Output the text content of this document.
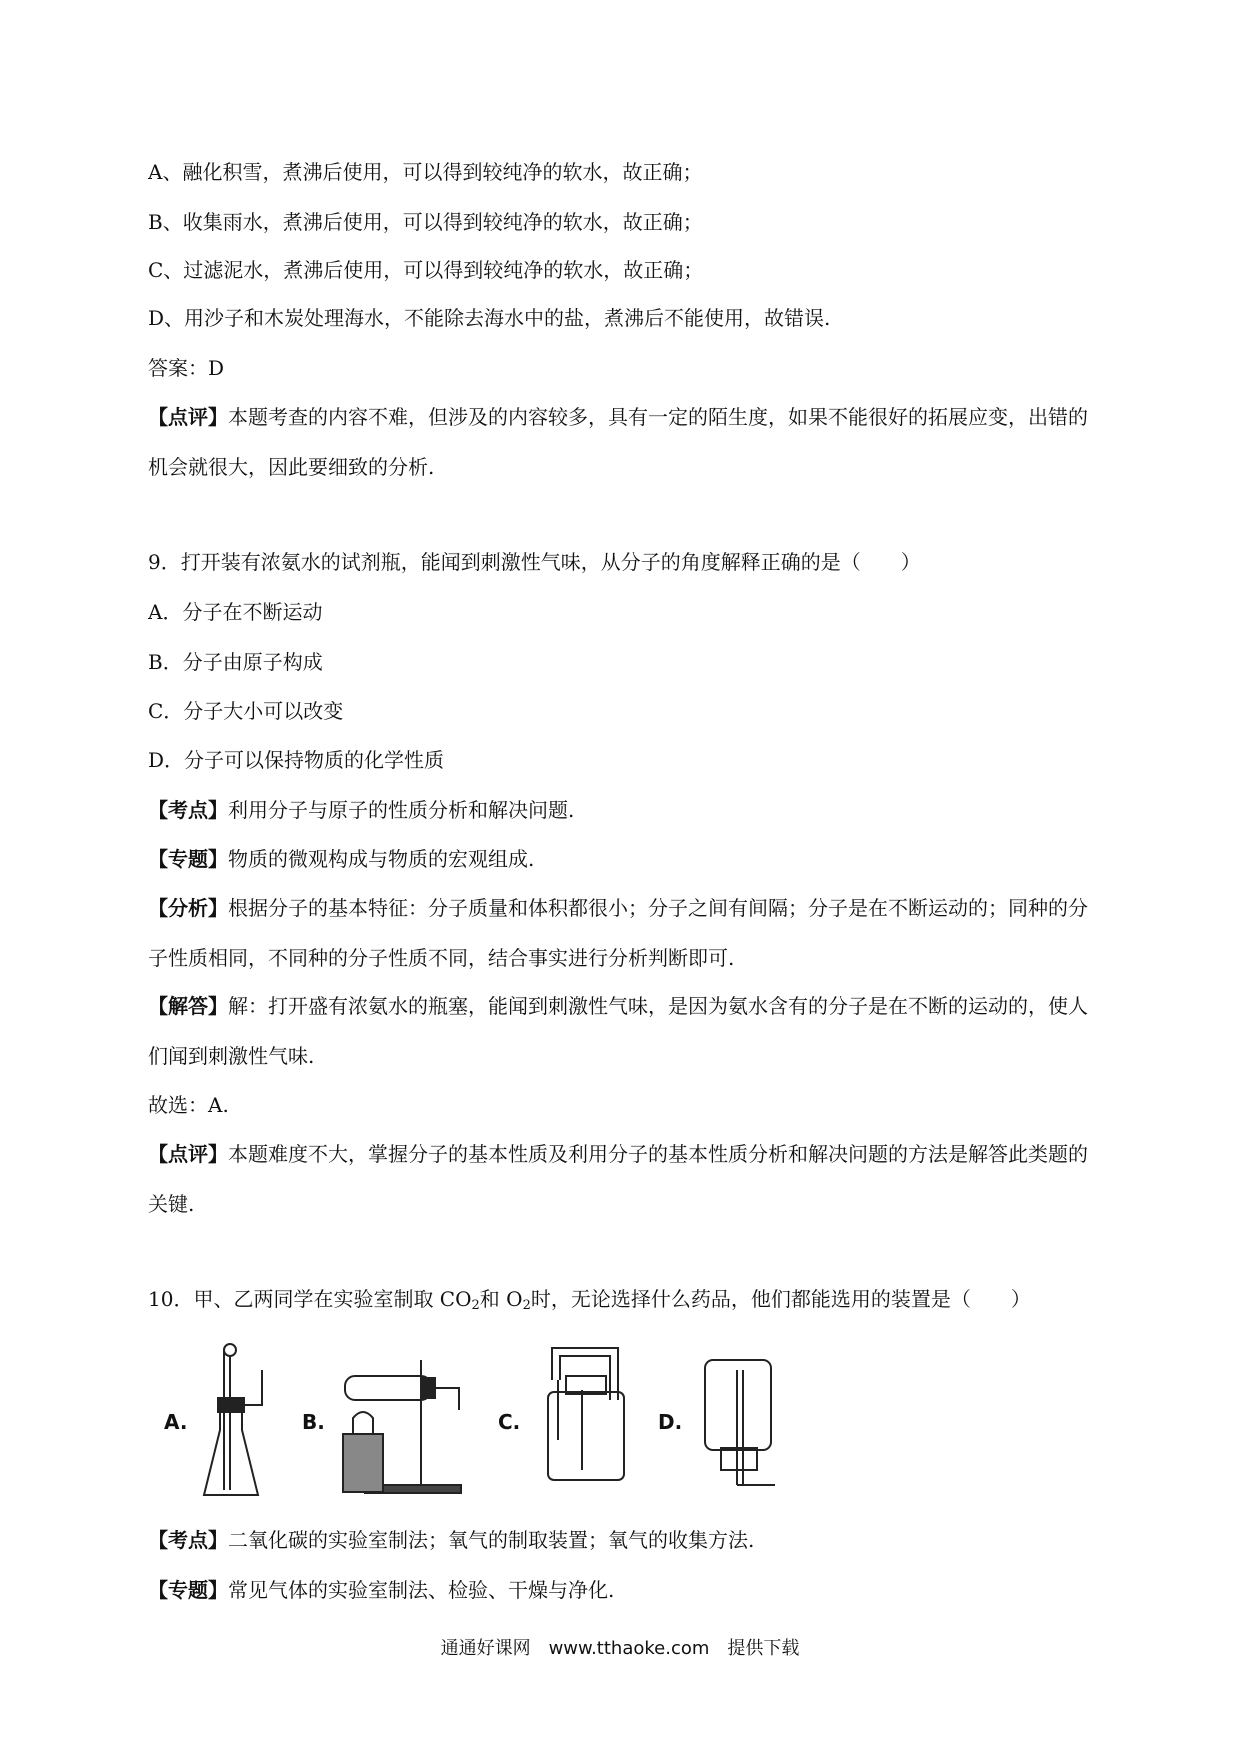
A、融化积雪，煮沸后使用，可以得到较纯净的软水，故正确；
B、收集雨水，煮沸后使用，可以得到较纯净的软水，故正确；
C、过滤泥水，煮沸后使用，可以得到较纯净的软水，故正确；
D、用沙子和木炭处理海水，不能除去海水中的盐，煮沸后不能使用，故错误.
答案：D
【点评】本题考查的内容不难，但涉及的内容较多，具有一定的陌生度，如果不能很好的拓展应变，出错的机会就很大，因此要细致的分析.
9．打开装有浓氨水的试剂瓶，能闻到刺激性气味，从分子的角度解释正确的是（　　）
A．分子在不断运动
B．分子由原子构成
C．分子大小可以改变
D．分子可以保持物质的化学性质
【考点】利用分子与原子的性质分析和解决问题.
【专题】物质的微观构成与物质的宏观组成.
【分析】根据分子的基本特征：分子质量和体积都很小；分子之间有间隔；分子是在不断运动的；同种的分子性质相同，不同种的分子性质不同，结合事实进行分析判断即可.
【解答】解：打开盛有浓氨水的瓶塞，能闻到刺激性气味，是因为氨水含有的分子是在不断的运动的，使人们闻到刺激性气味.
故选：A.
【点评】本题难度不大，掌握分子的基本性质及利用分子的基本性质分析和解决问题的方法是解答此类题的关键.
10．甲、乙两同学在实验室制取 $CO_2$和 $O_2$时，无论选择什么药品，他们都能选用的装置是（　　）
A.	B.	C.	D.
【考点】二氧化碳的实验室制法；氧气的制取装置；氧气的收集方法.
【专题】常见气体的实验室制法、检验、干燥与净化.
通通好课网　www.tthaoke.com　提供下载
